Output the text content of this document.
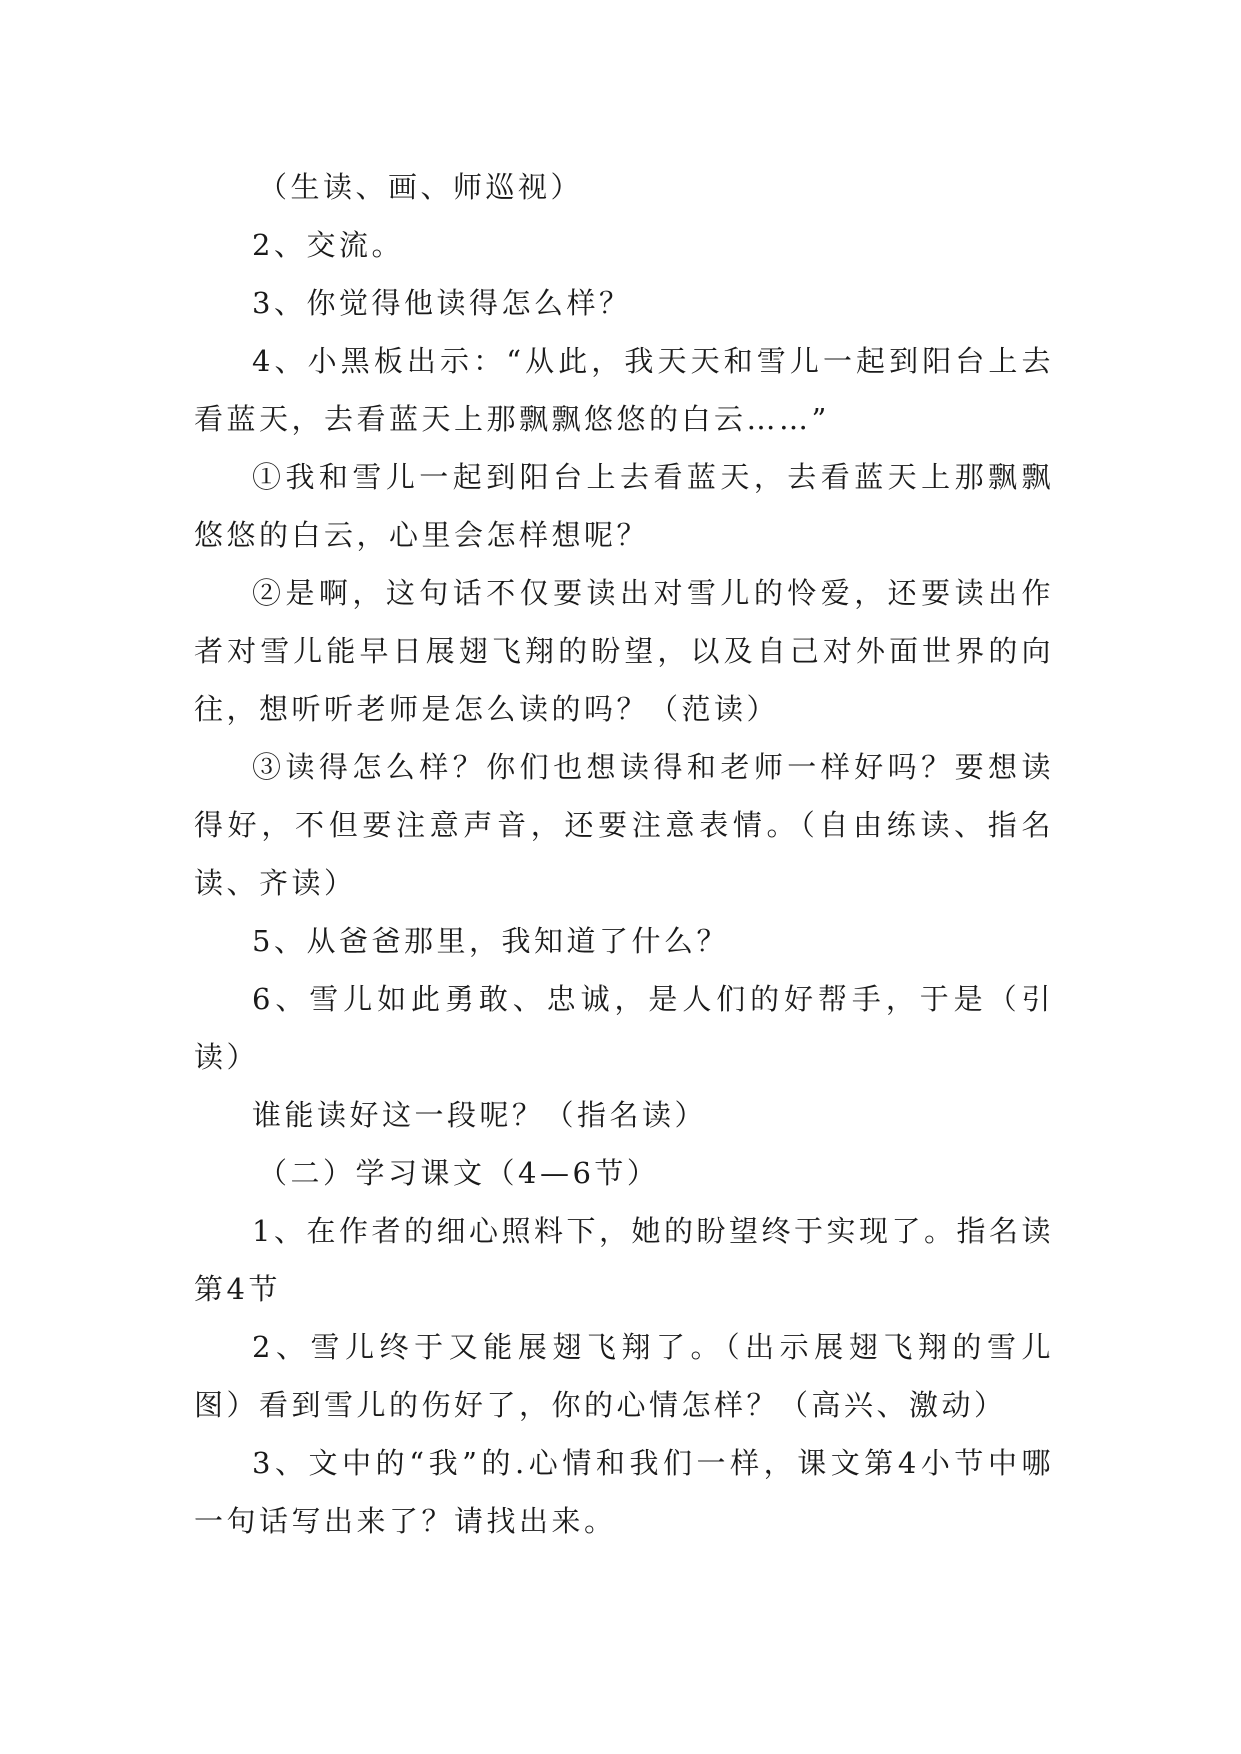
（生读、画、师巡视）

2、交流。

3、你觉得他读得怎么样？

4、小黑板出示：“从此，我天天和雪儿一起到阳台上去看蓝天，去看蓝天上那飘飘悠悠的白云……”

①我和雪儿一起到阳台上去看蓝天，去看蓝天上那飘飘悠悠的白云，心里会怎样想呢？

②是啊，这句话不仅要读出对雪儿的怜爱，还要读出作者对雪儿能早日展翅飞翔的盼望，以及自己对外面世界的向往，想听听老师是怎么读的吗？（范读）

③读得怎么样？你们也想读得和老师一样好吗？要想读得好，不但要注意声音，还要注意表情。（自由练读、指名读、齐读）

5、从爸爸那里，我知道了什么？

6、雪儿如此勇敢、忠诚，是人们的好帮手，于是（引读）

谁能读好这一段呢？（指名读）

（二）学习课文（4—6节）

1、在作者的细心照料下，她的盼望终于实现了。指名读第4节

2、雪儿终于又能展翅飞翔了。（出示展翅飞翔的雪儿图）看到雪儿的伤好了，你的心情怎样？（高兴、激动）

3、文中的“我”的.心情和我们一样，课文第4小节中哪一句话写出来了？请找出来。
